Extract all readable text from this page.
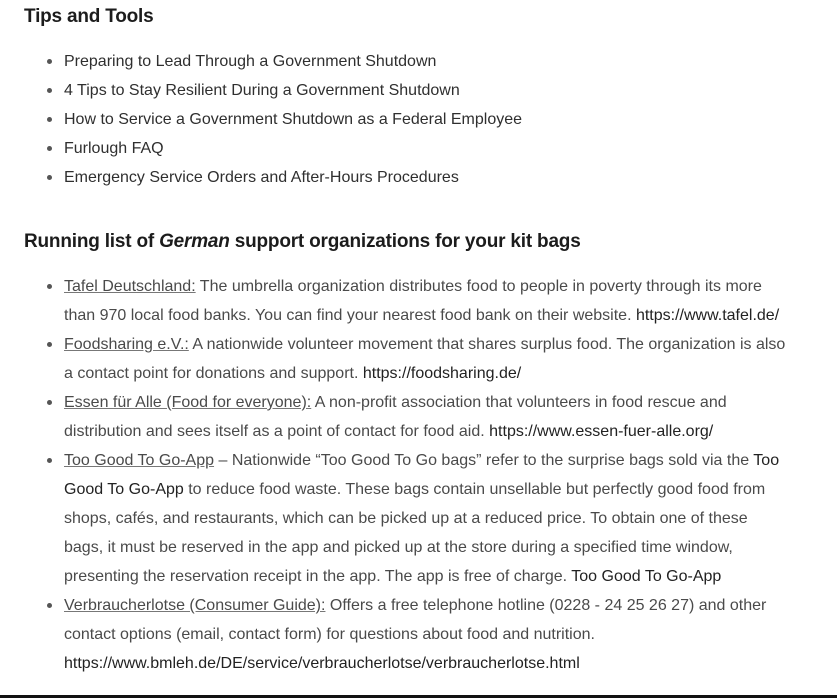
Tips and Tools
Preparing to Lead Through a Government Shutdown
4 Tips to Stay Resilient During a Government Shutdown
How to Service a Government Shutdown as a Federal Employee
Furlough FAQ
Emergency Service Orders and After-Hours Procedures
Running list of German support organizations for your kit bags
Tafel Deutschland: The umbrella organization distributes food to people in poverty through its more than 970 local food banks. You can find your nearest food bank on their website. https://www.tafel.de/
Foodsharing e.V.: A nationwide volunteer movement that shares surplus food. The organization is also a contact point for donations and support. https://foodsharing.de/
Essen für Alle (Food for everyone): A non-profit association that volunteers in food rescue and distribution and sees itself as a point of contact for food aid. https://www.essen-fuer-alle.org/
Too Good To Go-App – Nationwide “Too Good To Go bags” refer to the surprise bags sold via the Too Good To Go-App to reduce food waste. These bags contain unsellable but perfectly good food from shops, cafés, and restaurants, which can be picked up at a reduced price. To obtain one of these bags, it must be reserved in the app and picked up at the store during a specified time window, presenting the reservation receipt in the app. The app is free of charge. Too Good To Go-App
Verbraucherlotse (Consumer Guide): Offers a free telephone hotline (0228 - 24 25 26 27) and other contact options (email, contact form) for questions about food and nutrition.
https://www.bmleh.de/DE/service/verbraucherlotse/verbraucherlotse.html
